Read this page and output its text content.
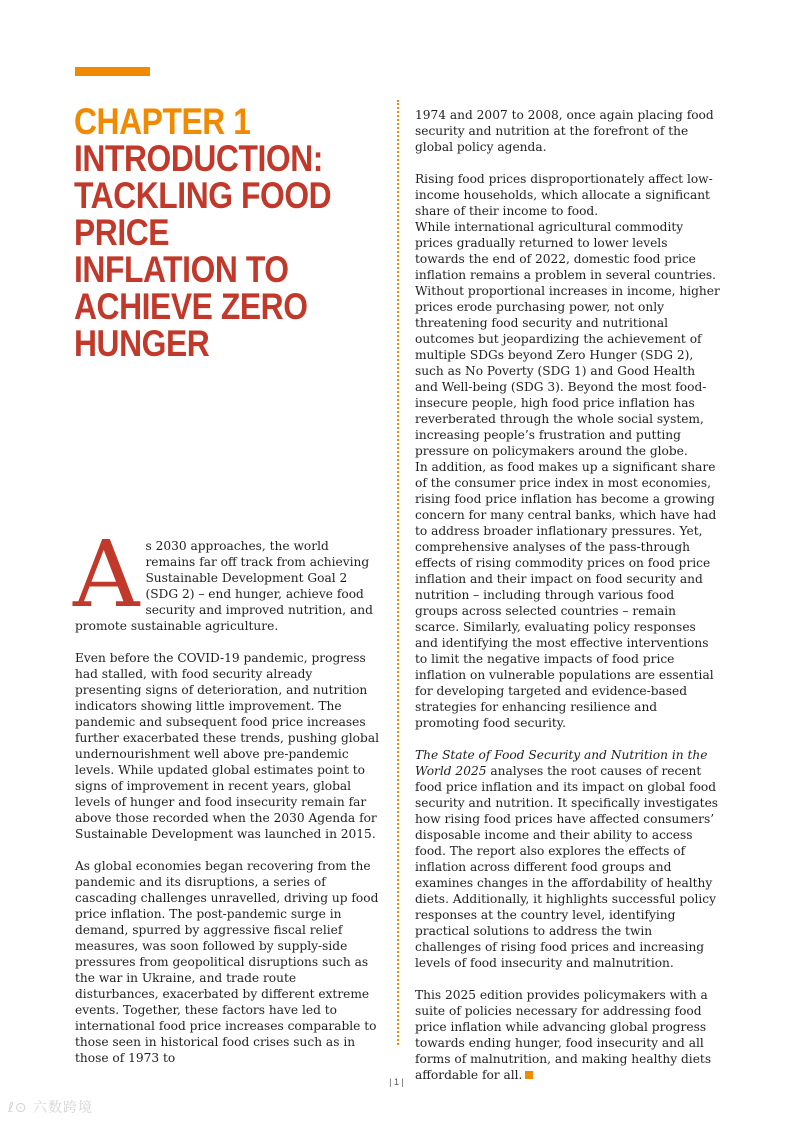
CHAPTER 1
INTRODUCTION: TACKLING FOOD PRICE INFLATION TO ACHIEVE ZERO HUNGER

As 2030 approaches, the world remains far off track from achieving Sustainable Development Goal 2 (SDG 2) – end hunger, achieve food security and improved nutrition, and promote sustainable agriculture.

Even before the COVID-19 pandemic, progress had stalled, with food security already presenting signs of deterioration, and nutrition indicators showing little improvement. The pandemic and subsequent food price increases further exacerbated these trends, pushing global undernourishment well above pre-pandemic levels. While updated global estimates point to signs of improvement in recent years, global levels of hunger and food insecurity remain far above those recorded when the 2030 Agenda for Sustainable Development was launched in 2015.

As global economies began recovering from the pandemic and its disruptions, a series of cascading challenges unravelled, driving up food price inflation. The post-pandemic surge in demand, spurred by aggressive fiscal relief measures, was soon followed by supply-side pressures from geopolitical disruptions such as the war in Ukraine, and trade route disturbances, exacerbated by different extreme events. Together, these factors have led to international food price increases comparable to those seen in historical food crises such as in those of 1973 to

1974 and 2007 to 2008, once again placing food security and nutrition at the forefront of the global policy agenda.

Rising food prices disproportionately affect low-income households, which allocate a significant share of their income to food.

While international agricultural commodity prices gradually returned to lower levels towards the end of 2022, domestic food price inflation remains a problem in several countries. Without proportional increases in income, higher prices erode purchasing power, not only threatening food security and nutritional outcomes but jeopardizing the achievement of multiple SDGs beyond Zero Hunger (SDG 2), such as No Poverty (SDG 1) and Good Health and Well-being (SDG 3). Beyond the most food-insecure people, high food price inflation has reverberated through the whole social system, increasing people’s frustration and putting pressure on policymakers around the globe.

In addition, as food makes up a significant share of the consumer price index in most economies, rising food price inflation has become a growing concern for many central banks, which have had to address broader inflationary pressures. Yet, comprehensive analyses of the pass-through effects of rising commodity prices on food price inflation and their impact on food security and nutrition – including through various food groups across selected countries – remain scarce. Similarly, evaluating policy responses and identifying the most effective interventions to limit the negative impacts of food price inflation on vulnerable populations are essential for developing targeted and evidence-based strategies for enhancing resilience and promoting food security.

The State of Food Security and Nutrition in the World 2025 analyses the root causes of recent food price inflation and its impact on global food security and nutrition. It specifically investigates how rising food prices have affected consumers’ disposable income and their ability to access food. The report also explores the effects of inflation across different food groups and examines changes in the affordability of healthy diets. Additionally, it highlights successful policy responses at the country level, identifying practical solutions to address the twin challenges of rising food prices and increasing levels of food insecurity and malnutrition.

This 2025 edition provides policymakers with a suite of policies necessary for addressing food price inflation while advancing global progress towards ending hunger, food insecurity and all forms of malnutrition, and making healthy diets affordable for all.

| 1 |
ℓ⊙ 六数跨境
